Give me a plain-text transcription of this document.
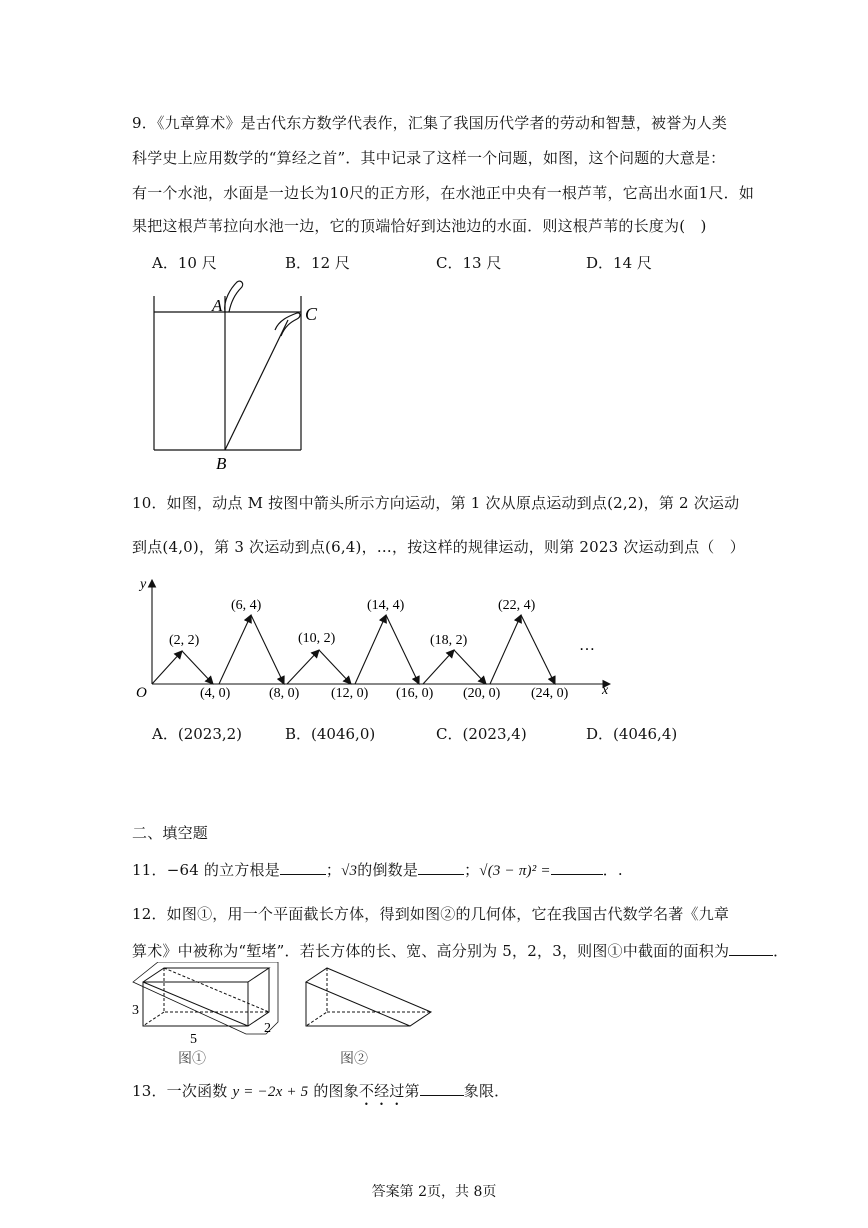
9．《九章算术》是古代东方数学代表作，汇集了我国历代学者的劳动和智慧，被誉为人类
科学史上应用数学的“算经之首”．其中记录了这样一个问题，如图，这个问题的大意是：
有一个水池，水面是一边长为10尺的正方形，在水池正中央有一根芦苇，它高出水面1尺．如
果把这根芦苇拉向水池一边，它的顶端恰好到达池边的水面．则这根芦苇的长度为(　)
A．10 尺	B．12 尺	C．13 尺	D．14 尺
A	C
B
10．如图，动点 M 按图中箭头所示方向运动，第 1 次从原点运动到点(2,2)，第 2 次运动
到点(4,0)，第 3 次运动到点(6,4)，…，按这样的规律运动，则第 2023 次运动到点（　）
x
y
O
(2, 2)
(6, 4)
(10, 2)
(14, 4)
(18, 2)
(22, 4)
(4, 0)	(8, 0) (12, 0) (16, 0) (20, 0) (24, 0)
…
A．(2023,2)	B．(4046,0)	C．(2023,4)	D．(4046,4)
二、填空题
11．−64 的立方根是	；√3的倒数是	；√(3 − π)² =	．.
12．如图①，用一个平面截长方体，得到如图②的几何体，它在我国古代数学名著《九章
算术》中被称为“堑堵”．若长方体的长、宽、高分别为 5，2，3，则图①中截面的面积为	．
3
5
2
图①	图②
13．一次函数 y = −2x + 5 的图象不经过第	象限．
答案第 2页，共 8页
